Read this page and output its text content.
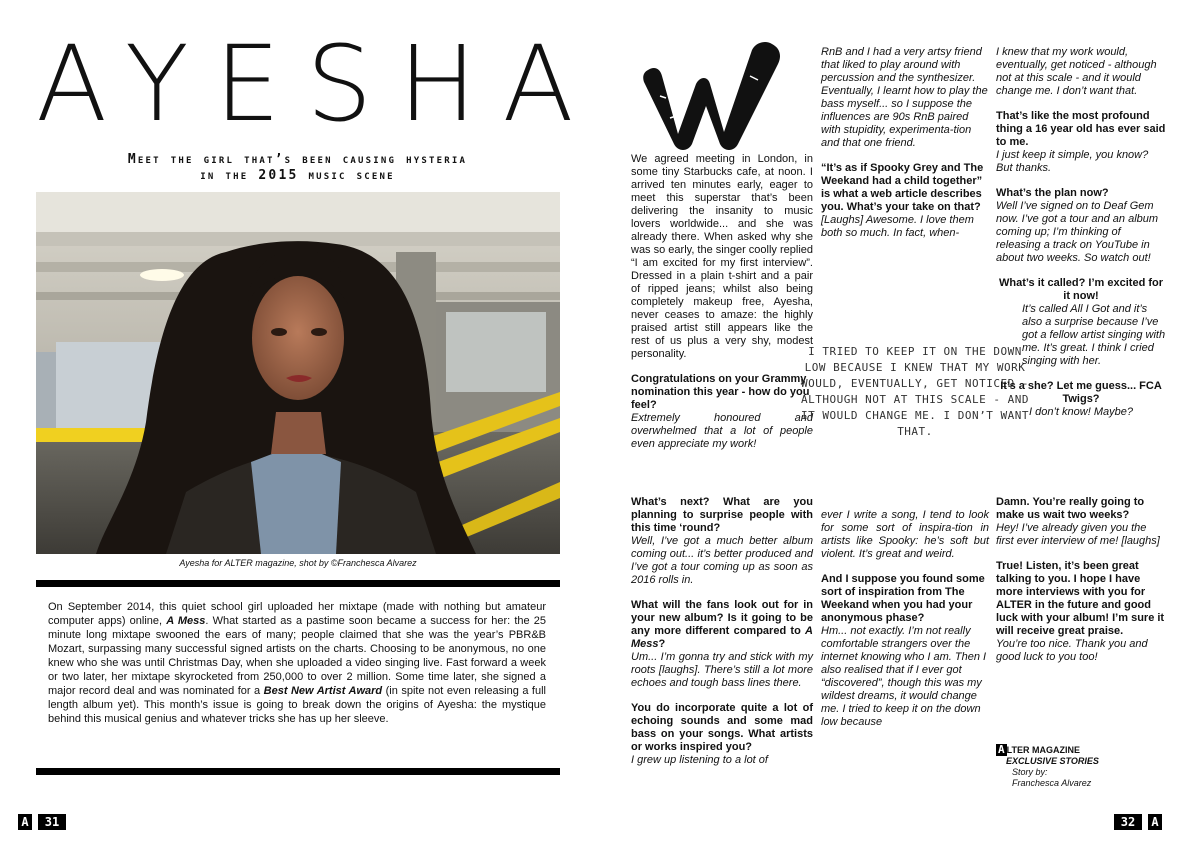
AYESHA
Meet the girl that’s been causing hysteria
in the 2015 music scene
Ayesha for ALTER magazine, shot by ©Franchesca Alvarez
On September 2014, this quiet school girl uploaded her mixtape (made with nothing but amateur computer apps) online, A Mess. What started as a pastime soon became a success for her: the 25 minute long mixtape swooned the ears of many; people claimed that she was the year’s PBR&B Mozart, surpassing many successful signed artists on the charts. Choosing to be anonymous, no one knew who she was until Christmas Day, when she uploaded a video singing live. Fast forward a week or two later, her mixtape skyrocketed from 250,000 to over 2 million. Some time later, she signed a major record deal and was nominated for a Best New Artist Award (in spite not even releasing a full length album yet). This month’s issue is going to break down the origins of Ayesha: the mystique behind this musical genius and whatever tricks she has up her sleeve.
A	31

We agreed meeting in London, in some tiny Starbucks cafe, at noon. I arrived ten minutes early, eager to meet this superstar that’s been delivering the insanity to music lovers worldwide... and she was already there. When asked why she was so early, the singer coolly replied “I am excited for my first interview”. Dressed in a plain t-shirt and a pair of ripped jeans; whilst also being completely makeup free, Ayesha, never ceases to amaze: the highly praised artist still appears like the rest of us plus a very shy, modest personality.

Congratulations on your Grammy nomination this year - how do you feel?

Extremely honoured and overwhelmed that a lot of people even appreciate my work!

RnB and I had a very artsy friend that liked to play around with percussion and the synthesizer. Eventually, I learnt how to play the bass myself... so I suppose the influences are 90s RnB paired with stupidity, experimenta-tion and that one friend.

“It’s as if Spooky Grey and The Weekand had a child together” is what a web article describes you. What’s your take on that?
[Laughs] Awesome. I love them both so much. In fact, when-

I TRIED TO KEEP IT ON THE DOWN LOW BECAUSE I KNEW THAT MY WORK WOULD, EVENTUALLY, GET NOTICED - ALTHOUGH NOT AT THIS SCALE - AND IT WOULD CHANGE ME. I DON’T WANT THAT.

I knew that my work would, eventually, get noticed - although not at this scale - and it would change me. I don’t want that.

That’s like the most profound thing a 16 year old has ever said to me.
I just keep it simple, you know? But thanks.

What’s the plan now?
Well I’ve signed on to Deaf Gem now. I’ve got a tour and an album coming up; I’m thinking of releasing a track on YouTube in about two weeks. So watch out!

What’s it called? I’m excited for it now!

It’s called All I Got and it’s also a surprise because I’ve got a fellow artist singing with me. It’s great. I think I cried singing with her.

It’s a she? Let me guess... FCA Twigs?
I don’t know! Maybe?

What’s next? What are you planning to surprise people with this time ‘round?
Well, I’ve got a much better album coming out... it’s better produced and I’ve got a tour coming up as soon as 2016 rolls in.

What will the fans look out for in your new album? Is it going to be any more different compared to A Mess?
Um... I’m gonna try and stick with my roots [laughs]. There’s still a lot more echoes and tough bass lines there.

You do incorporate quite a lot of echoing sounds and some mad bass on your songs. What artists or works inspired you?
I grew up listening to a lot of

ever I write a song, I tend to look for some sort of inspira-tion in artists like Spooky: he’s soft but violent. It’s great and weird.

And I suppose you found some sort of inspiration from The Weekand when you had your anonymous phase?
Hm... not exactly. I’m not really comfortable strangers over the internet knowing who I am. Then I also realised that if I ever got “discovered”, though this was my wildest dreams, it would change me. I tried to keep it on the down low because

Damn. You’re really going to make us wait two weeks?
Hey! I’ve already given you the first ever interview of me! [laughs]

True! Listen, it’s been great talking to you. I hope I have more interviews with you for ALTER in the future and good luck with your album! I’m sure it will receive great praise.
You’re too nice. Thank you and good luck to you too!

A LTER MAGAZINE
EXCLUSIVE STORIES
Story by:
Franchesca Alvarez
32	A
